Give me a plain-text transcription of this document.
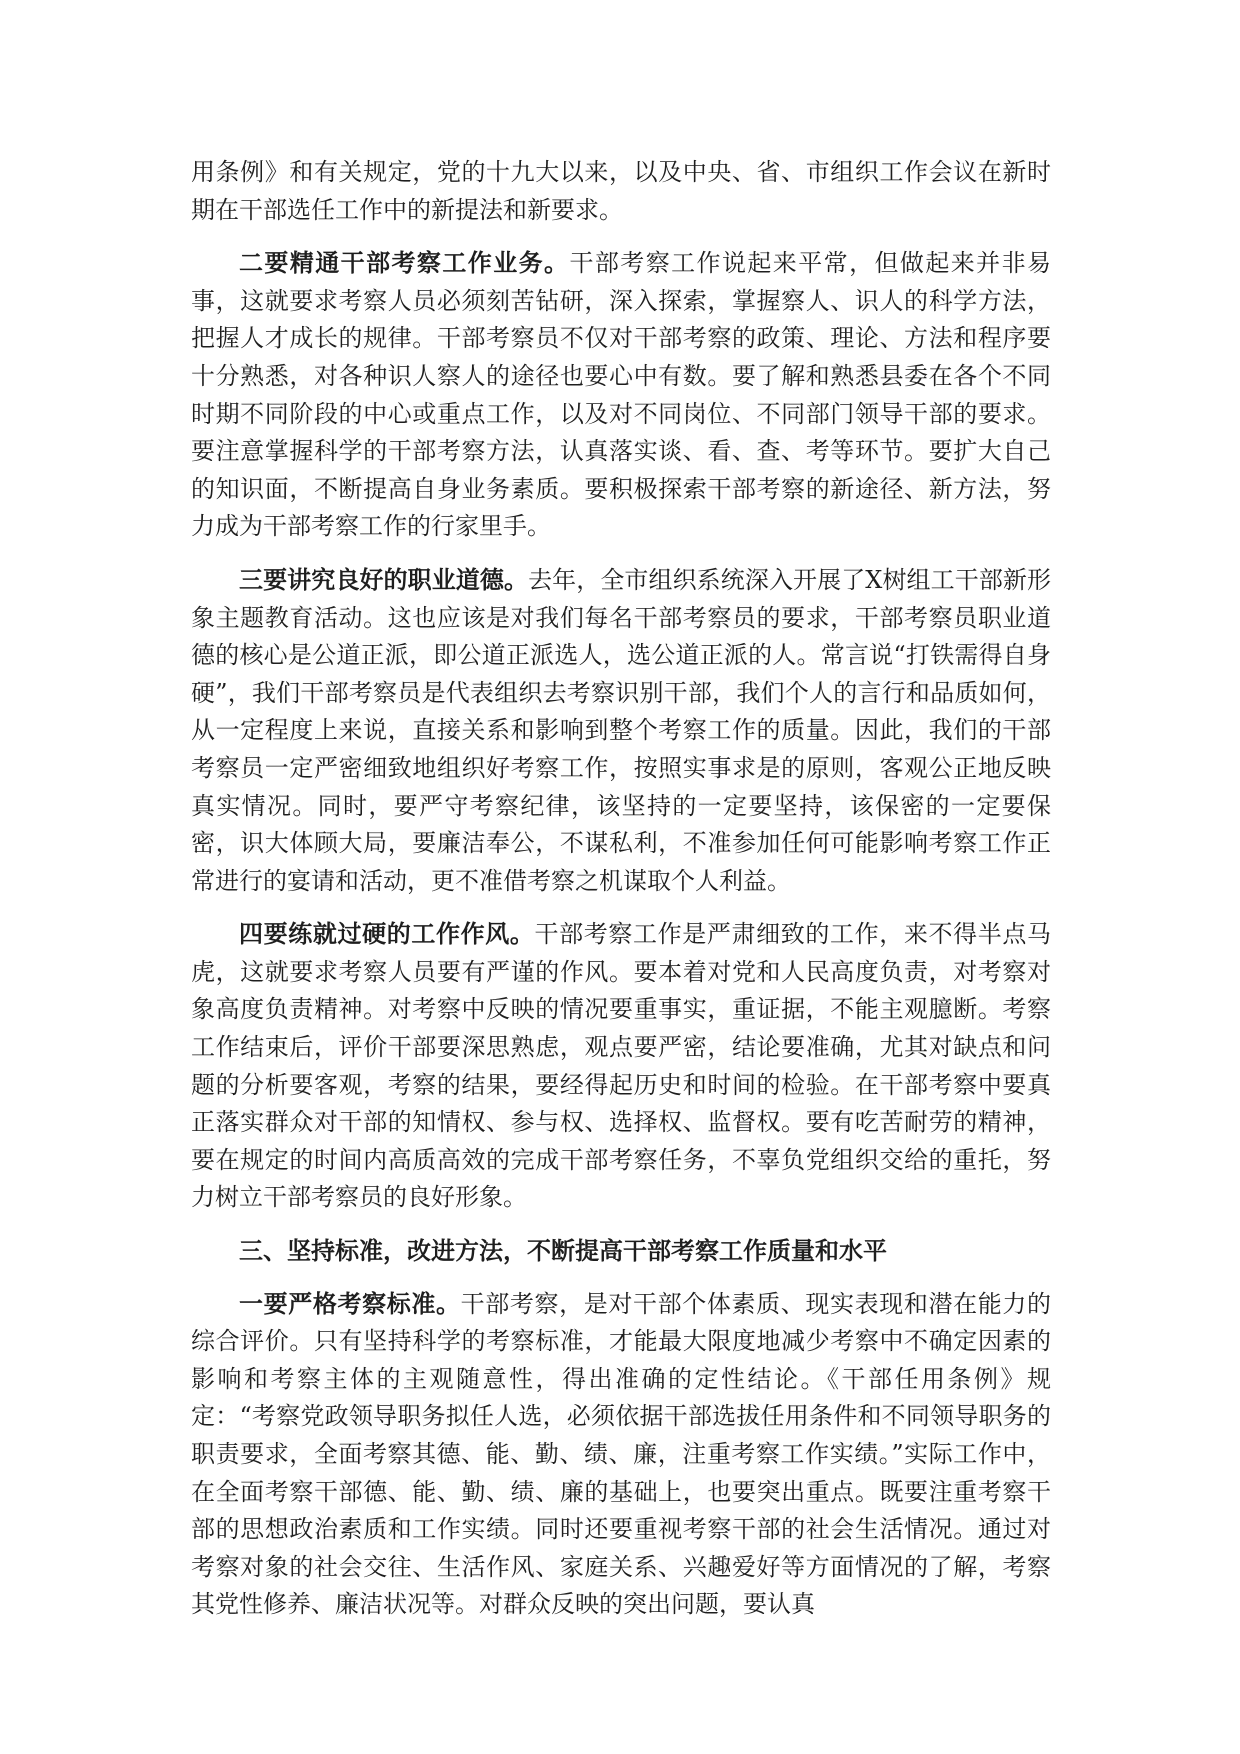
用条例》和有关规定，党的十九大以来，以及中央、省、市组织工作会议在新时期在干部选任工作中的新提法和新要求。

二要精通干部考察工作业务。干部考察工作说起来平常，但做起来并非易事，这就要求考察人员必须刻苦钻研，深入探索，掌握察人、识人的科学方法，把握人才成长的规律。干部考察员不仅对干部考察的政策、理论、方法和程序要十分熟悉，对各种识人察人的途径也要心中有数。要了解和熟悉县委在各个不同时期不同阶段的中心或重点工作，以及对不同岗位、不同部门领导干部的要求。要注意掌握科学的干部考察方法，认真落实谈、看、查、考等环节。要扩大自己的知识面，不断提高自身业务素质。要积极探索干部考察的新途径、新方法，努力成为干部考察工作的行家里手。

三要讲究良好的职业道德。去年，全市组织系统深入开展了X树组工干部新形象主题教育活动。这也应该是对我们每名干部考察员的要求，干部考察员职业道德的核心是公道正派，即公道正派选人，选公道正派的人。常言说“打铁需得自身硬”，我们干部考察员是代表组织去考察识别干部，我们个人的言行和品质如何，从一定程度上来说，直接关系和影响到整个考察工作的质量。因此，我们的干部考察员一定严密细致地组织好考察工作，按照实事求是的原则，客观公正地反映真实情况。同时，要严守考察纪律，该坚持的一定要坚持，该保密的一定要保密，识大体顾大局，要廉洁奉公，不谋私利，不准参加任何可能影响考察工作正常进行的宴请和活动，更不准借考察之机谋取个人利益。

四要练就过硬的工作作风。干部考察工作是严肃细致的工作，来不得半点马虎，这就要求考察人员要有严谨的作风。要本着对党和人民高度负责，对考察对象高度负责精神。对考察中反映的情况要重事实，重证据，不能主观臆断。考察工作结束后，评价干部要深思熟虑，观点要严密，结论要准确，尤其对缺点和问题的分析要客观，考察的结果，要经得起历史和时间的检验。在干部考察中要真正落实群众对干部的知情权、参与权、选择权、监督权。要有吃苦耐劳的精神，要在规定的时间内高质高效的完成干部考察任务，不辜负党组织交给的重托，努力树立干部考察员的良好形象。

三、坚持标准，改进方法，不断提高干部考察工作质量和水平

一要严格考察标准。干部考察，是对干部个体素质、现实表现和潜在能力的综合评价。只有坚持科学的考察标准，才能最大限度地减少考察中不确定因素的影响和考察主体的主观随意性，得出准确的定性结论。《干部任用条例》规定：“考察党政领导职务拟任人选，必须依据干部选拔任用条件和不同领导职务的职责要求，全面考察其德、能、勤、绩、廉，注重考察工作实绩。”实际工作中，在全面考察干部德、能、勤、绩、廉的基础上，也要突出重点。既要注重考察干部的思想政治素质和工作实绩。同时还要重视考察干部的社会生活情况。通过对考察对象的社会交往、生活作风、家庭关系、兴趣爱好等方面情况的了解，考察其党性修养、廉洁状况等。对群众反映的突出问题，要认真
